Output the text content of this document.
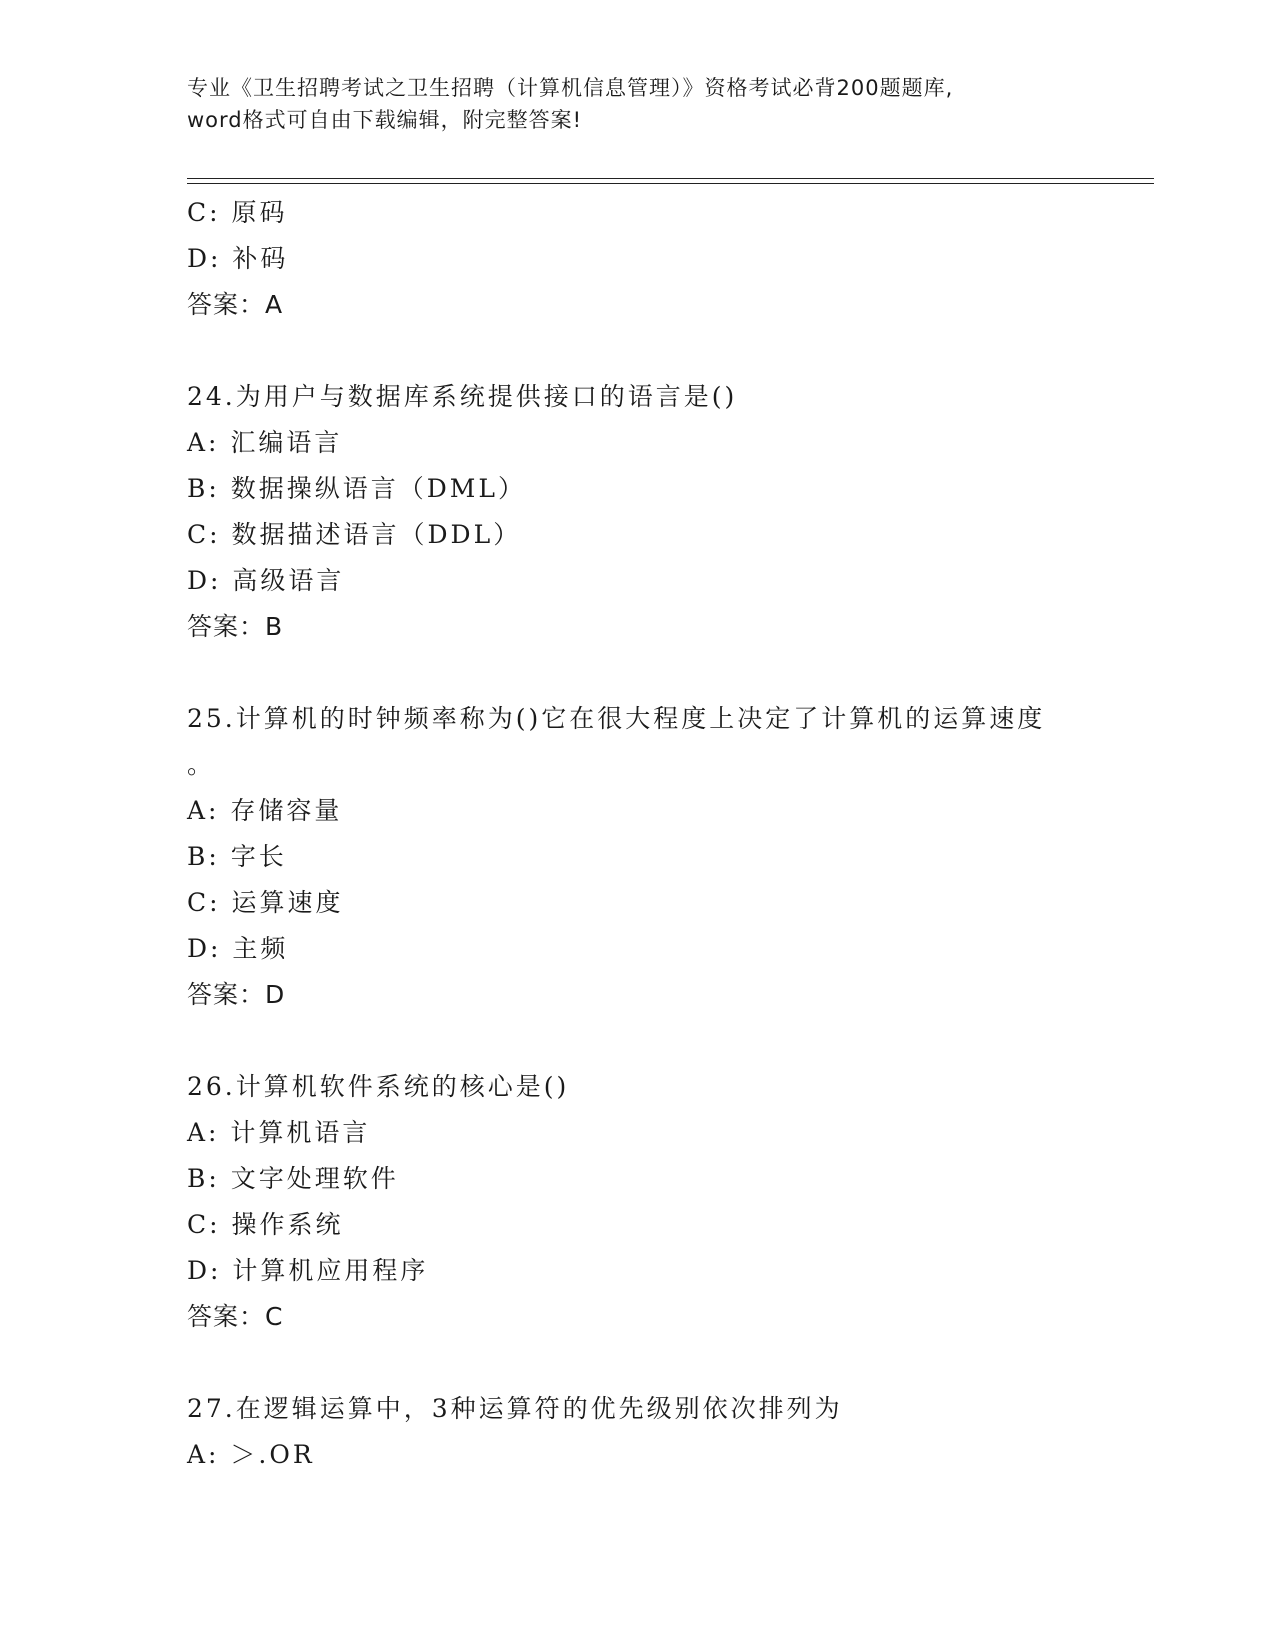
专业《卫生招聘考试之卫生招聘（计算机信息管理）》资格考试必背200题题库,
word格式可自由下载编辑，附完整答案!
C: 原码
D: 补码
答案：A
24.为用户与数据库系统提供接口的语言是()
A: 汇编语言
B: 数据操纵语言（DML）
C: 数据描述语言（DDL）
D: 高级语言
答案：B
25.计算机的时钟频率称为()它在很大程度上决定了计算机的运算速度
。
A: 存储容量
B: 字长
C: 运算速度
D: 主频
答案：D
26.计算机软件系统的核心是()
A: 计算机语言
B: 文字处理软件
C: 操作系统
D: 计算机应用程序
答案：C
27.在逻辑运算中，3种运算符的优先级别依次排列为
A: ＞.OR
